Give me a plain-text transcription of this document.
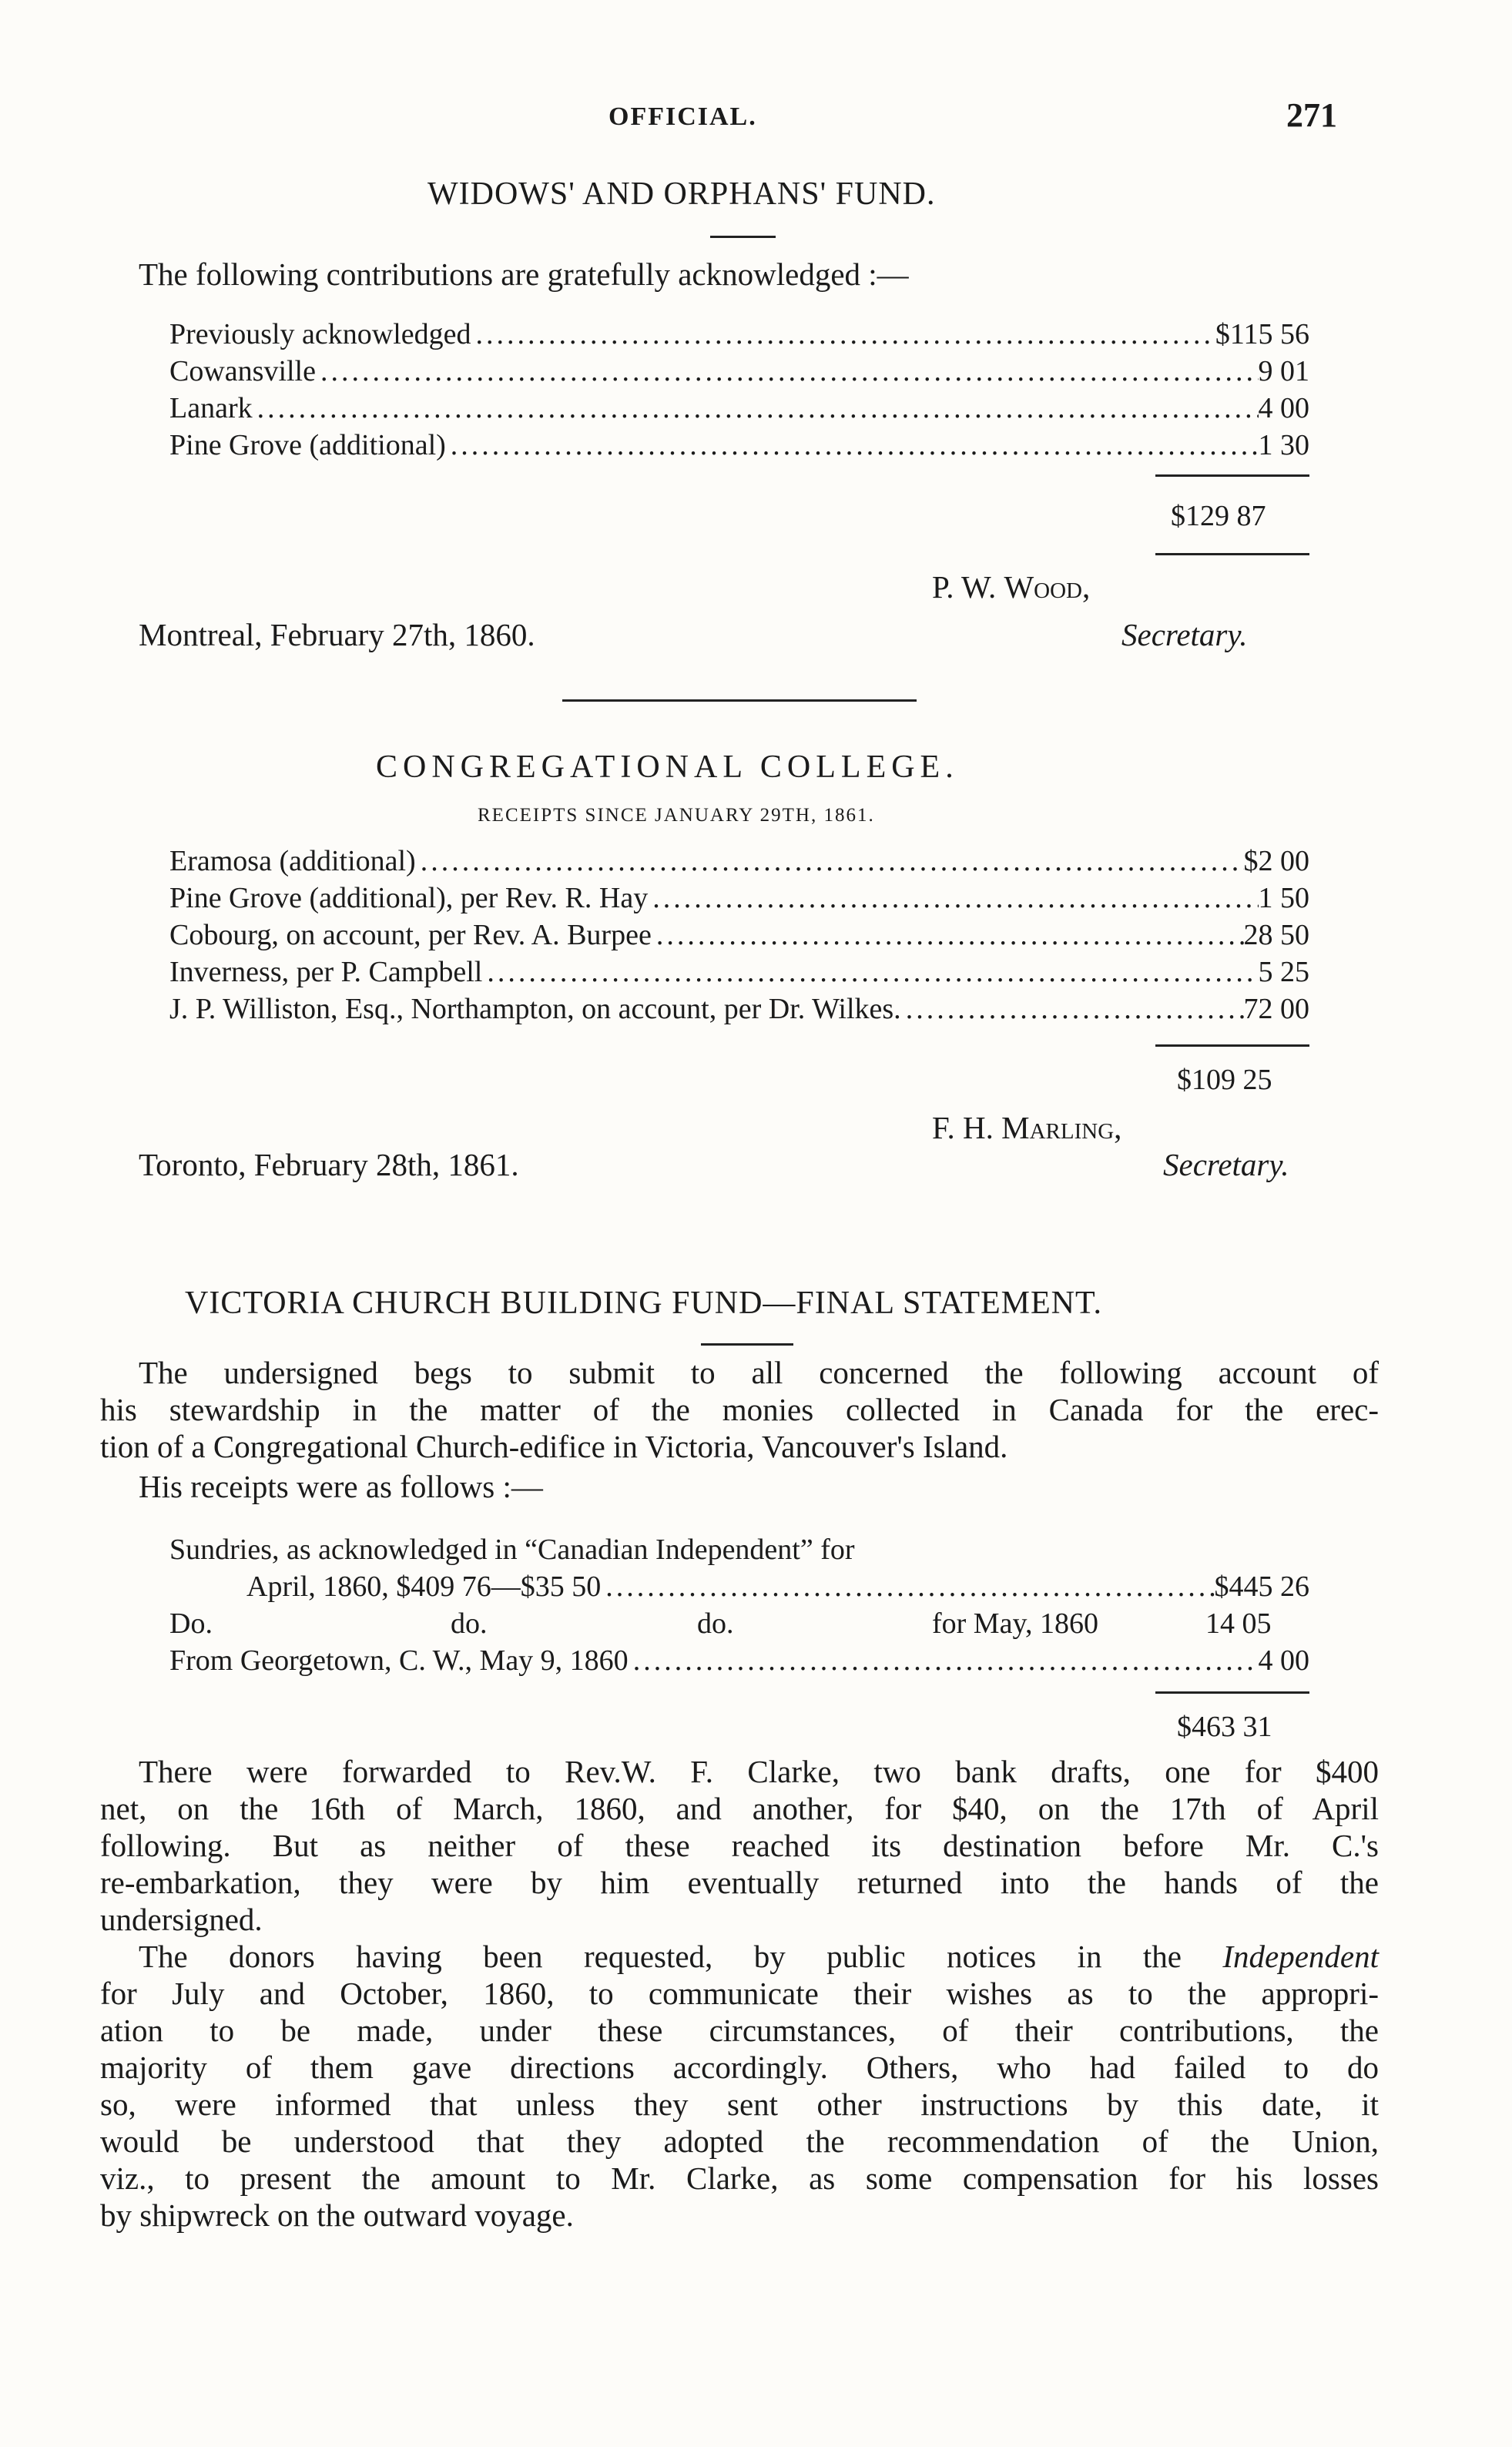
OFFICIAL.	271
WIDOWS' AND ORPHANS' FUND.
The following contributions are gratefully acknowledged :—
Previously acknowledged .....	$115 56
Cowansville .....	9 01
Lanark .....	4 00
Pine Grove (additional) .....	1 30
$129 87
P. W. Wood,
Montreal, February 27th, 1860.	Secretary.
CONGREGATIONAL COLLEGE.
RECEIPTS SINCE JANUARY 29TH, 1861.
Eramosa (additional) .....	$2 00
Pine Grove (additional), per Rev. R. Hay .....	1 50
Cobourg, on account, per Rev. A. Burpee .....	28 50
Inverness, per P. Campbell .....	5 25
J. P. Williston, Esq., Northampton, on account, per Dr. Wilkes. .....	72 00
$109 25
F. H. Marling,
Toronto, February 28th, 1861.	Secretary.
VICTORIA CHURCH BUILDING FUND—FINAL STATEMENT.
The undersigned begs to submit to all concerned the following account of
his stewardship in the matter of the monies collected in Canada for the erec-
tion of a Congregational Church-edifice in Victoria, Vancouver's Island.
His receipts were as follows :—
Sundries, as acknowledged in “Canadian Independent” for
April, 1860, $409 76—$35 50 .....	$445 26
Do.	do.	do.	for May, 1860	14 05
From Georgetown, C. W., May 9, 1860 .....	4 00
$463 31
There were forwarded to Rev.W. F. Clarke, two bank drafts, one for $400
net, on the 16th of March, 1860, and another, for $40, on the 17th of April
following. But as neither of these reached its destination before Mr. C.'s
re-embarkation, they were by him eventually returned into the hands of the
undersigned.
The donors having been requested, by public notices in the Independent
for July and October, 1860, to communicate their wishes as to the appropri-
ation to be made, under these circumstances, of their contributions, the
majority of them gave directions accordingly. Others, who had failed to do
so, were informed that unless they sent other instructions by this date, it
would be understood that they adopted the recommendation of the Union,
viz., to present the amount to Mr. Clarke, as some compensation for his losses
by shipwreck on the outward voyage.
